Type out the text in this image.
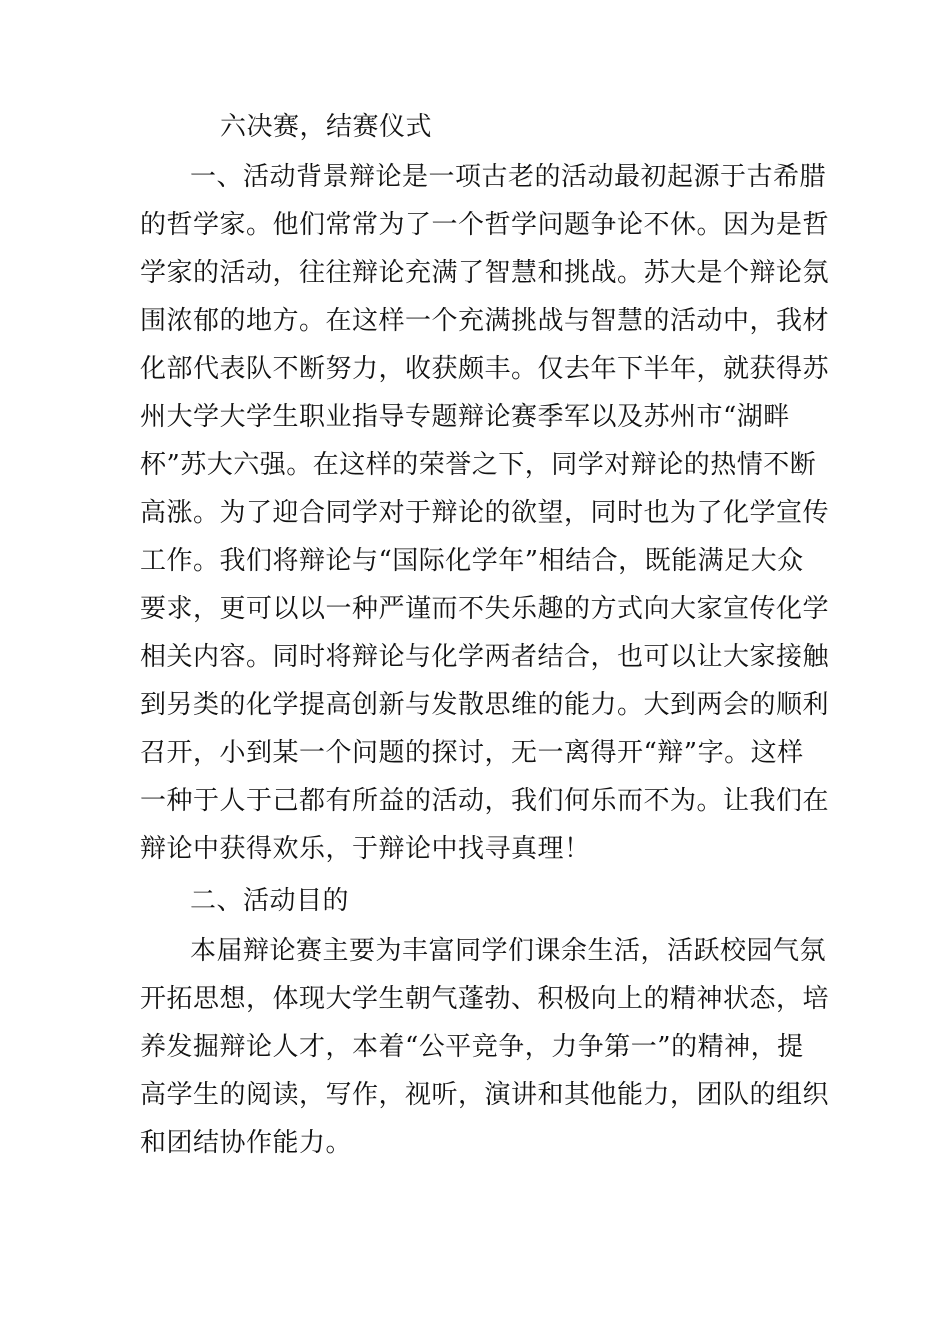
六决赛，结赛仪式
一、活动背景辩论是一项古老的活动最初起源于古希腊
的哲学家。他们常常为了一个哲学问题争论不休。因为是哲
学家的活动，往往辩论充满了智慧和挑战。苏大是个辩论氛
围浓郁的地方。在这样一个充满挑战与智慧的活动中，我材
化部代表队不断努力，收获颇丰。仅去年下半年，就获得苏
州大学大学生职业指导专题辩论赛季军以及苏州市“湖畔
杯”苏大六强。在这样的荣誉之下，同学对辩论的热情不断
高涨。为了迎合同学对于辩论的欲望，同时也为了化学宣传
工作。我们将辩论与“国际化学年”相结合，既能满足大众
要求，更可以以一种严谨而不失乐趣的方式向大家宣传化学
相关内容。同时将辩论与化学两者结合，也可以让大家接触
到另类的化学提高创新与发散思维的能力。大到两会的顺利
召开，小到某一个问题的探讨，无一离得开“辩”字。这样
一种于人于己都有所益的活动，我们何乐而不为。让我们在
辩论中获得欢乐，于辩论中找寻真理！
二、活动目的
本届辩论赛主要为丰富同学们课余生活，活跃校园气氛
开拓思想，体现大学生朝气蓬勃、积极向上的精神状态，培
养发掘辩论人才，本着“公平竞争，力争第一”的精神，提
高学生的阅读，写作，视听，演讲和其他能力，团队的组织
和团结协作能力。
